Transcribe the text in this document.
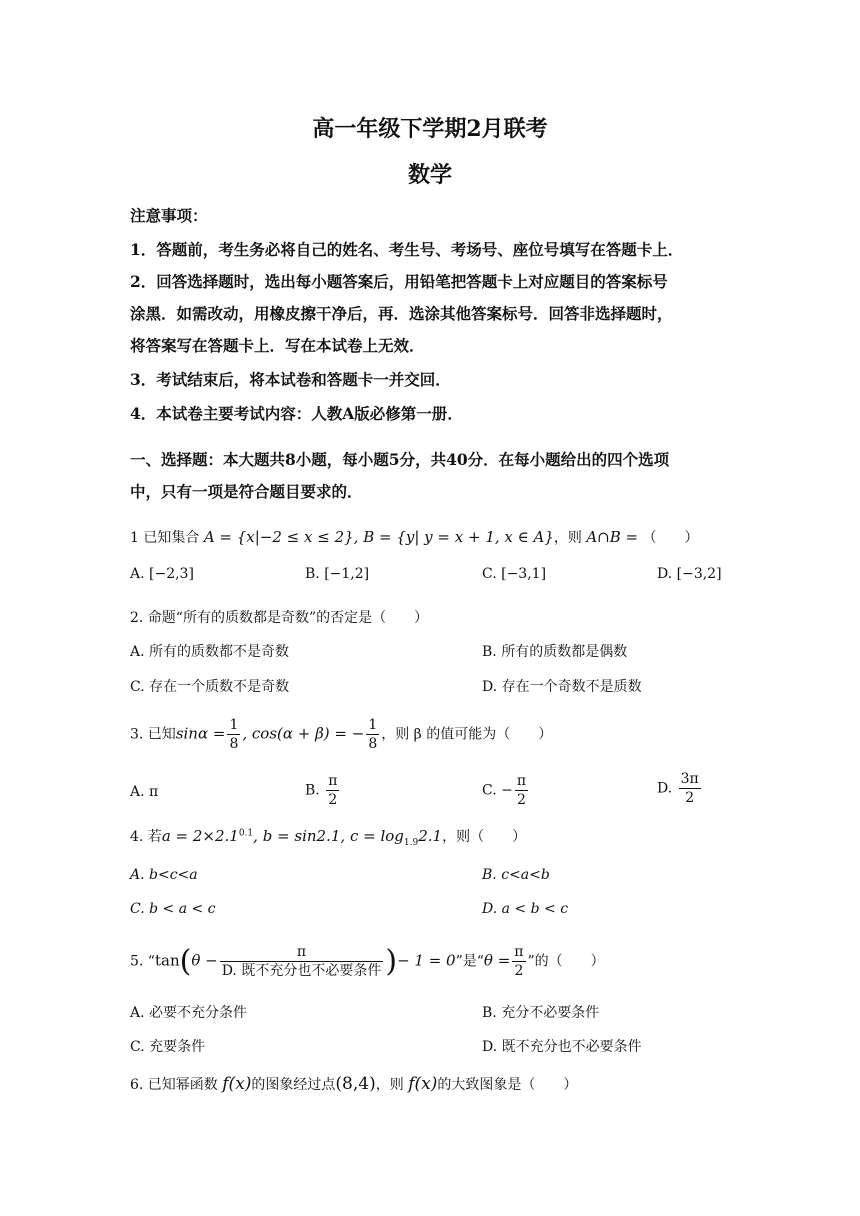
高一年级下学期2月联考
数学
注意事项：
1．答题前，考生务必将自己的姓名、考生号、考场号、座位号填写在答题卡上．
2．回答选择题时，选出每小题答案后，用铅笔把答题卡上对应题目的答案标号
涂黑．如需改动，用橡皮擦干净后，再．选涂其他答案标号．回答非选择题时，
将答案写在答题卡上．写在本试卷上无效．
3．考试结束后，将本试卷和答题卡一并交回．
4．本试卷主要考试内容：人教A版必修第一册．
一、选择题：本大题共8小题，每小题5分，共40分．在每小题给出的四个选项
中，只有一项是符合题目要求的．
1 已知集合 A = {x|−2 ≤ x ≤ 2}, B = {y| y = x + 1, x ∈ A}，则 A∩B = （　　）
A. [−2,3]	B. [−1,2]	C. [−3,1]	D. [−3,2]
2. 命题“所有的质数都是奇数”的否定是（　　）
A. 所有的质数都不是奇数	B. 所有的质数都是偶数
C. 存在一个质数不是奇数	D. 存在一个奇数不是质数
3. 已知$\sin\alpha = \frac{1}{8}$ , cos(α + β) = − $\frac{1}{8}$ ，则 β 的值可能为（　　）
A. π	B. $\frac{\pi}{2}$	C. − $\frac{\pi}{2}$	D. $\frac{3\pi}{2}$
4. 若$a = 2\times 2.1^{0.1}$, b = sin2.1, $c = \log_{1.9}2.1$，则（　　）
A. b<c<a	B. c<a<b
C. b < a < c	D. a < b < c
5. “$\tan(\theta - \frac{\pi}{\text{D. 既不充分也不必要条件}}$ )− 1 = 0”是“$\theta = \frac{\pi}{2}$ ”的（　　）
A. 必要不充分条件	B. 充分不必要条件
C. 充要条件	D. 既不充分也不必要条件
6. 已知幂函数 f(x)的图象经过点(8,4)，则 f(x)的大致图象是（　　）
